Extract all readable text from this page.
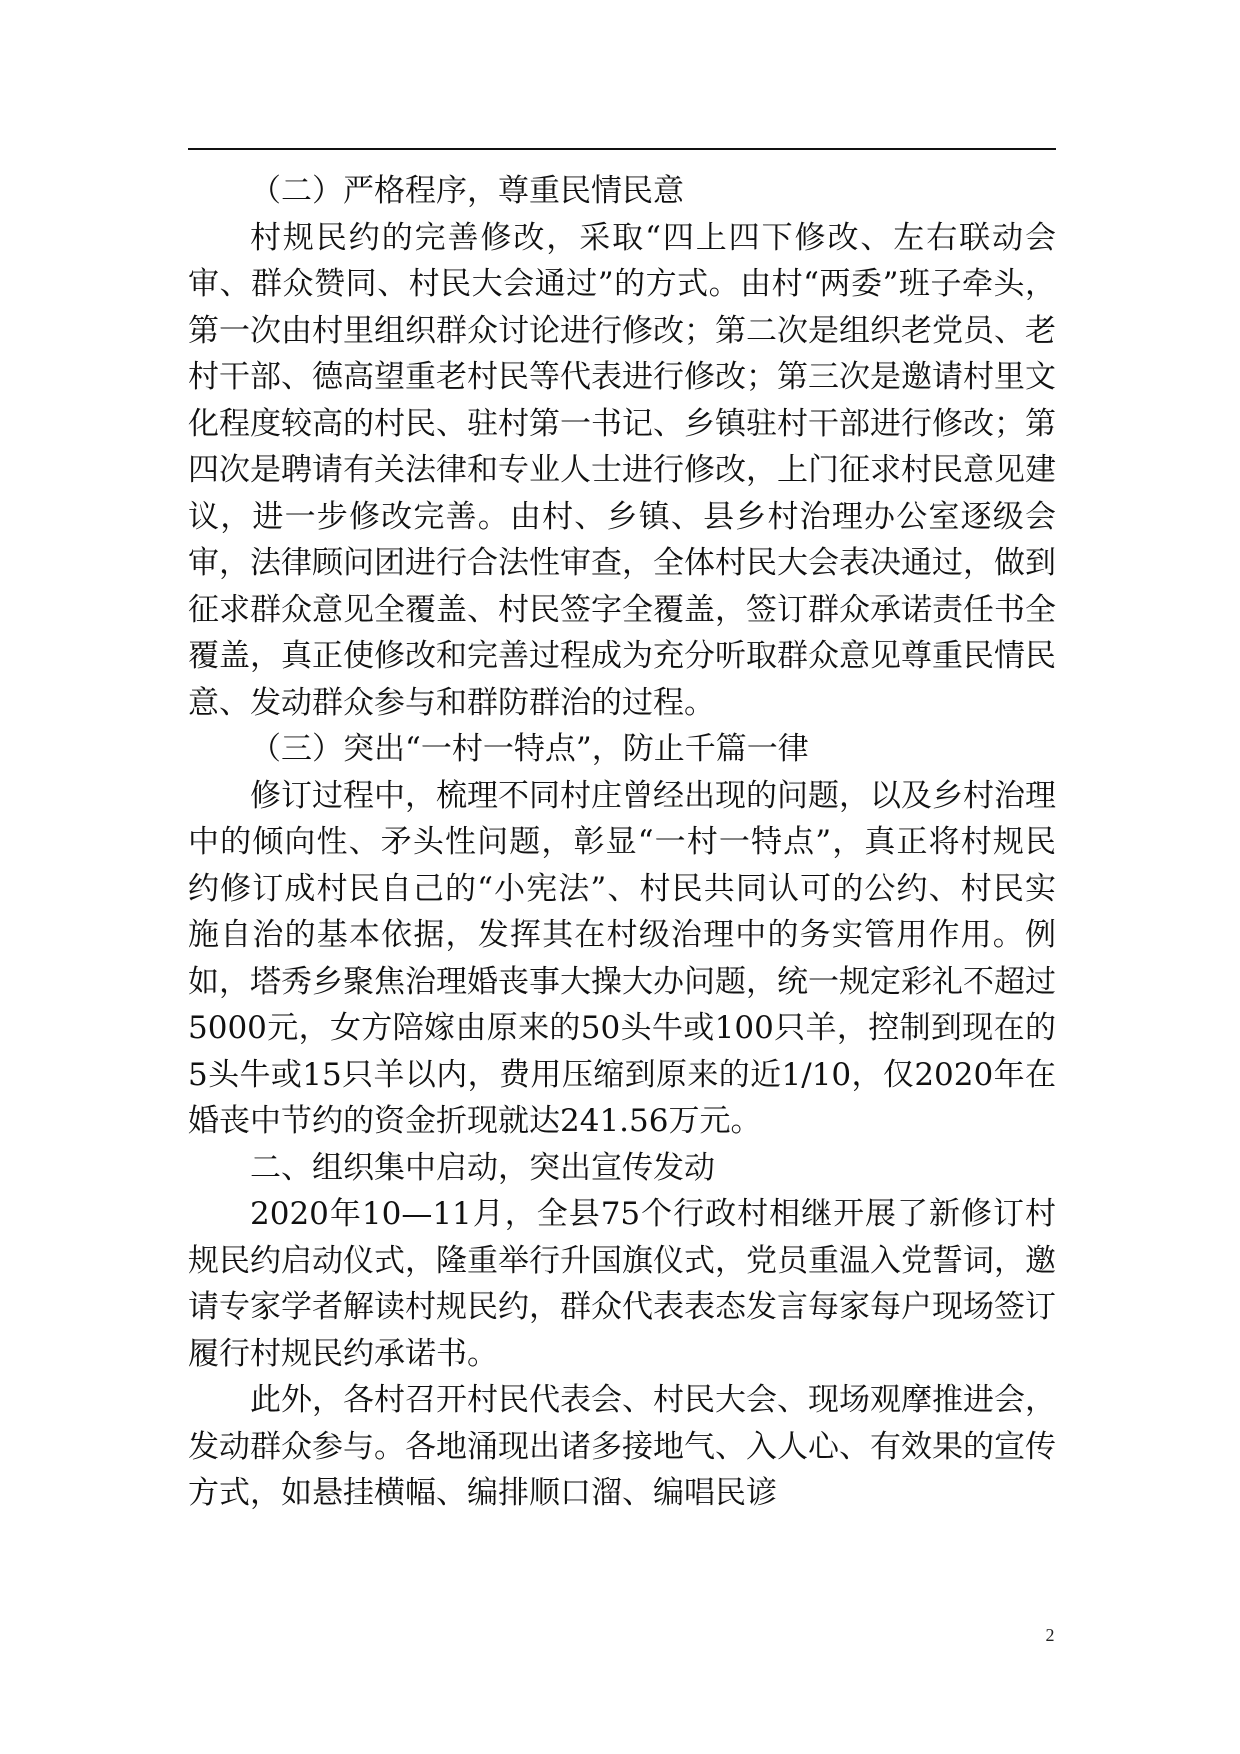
（二）严格程序，尊重民情民意

村规民约的完善修改，采取“四上四下修改、左右联动会审、群众赞同、村民大会通过”的方式。由村“两委”班子牵头，第一次由村里组织群众讨论进行修改；第二次是组织老党员、老村干部、德高望重老村民等代表进行修改；第三次是邀请村里文化程度较高的村民、驻村第一书记、乡镇驻村干部进行修改；第四次是聘请有关法律和专业人士进行修改，上门征求村民意见建议，进一步修改完善。由村、乡镇、县乡村治理办公室逐级会审，法律顾问团进行合法性审查，全体村民大会表决通过，做到征求群众意见全覆盖、村民签字全覆盖，签订群众承诺责任书全覆盖，真正使修改和完善过程成为充分听取群众意见尊重民情民意、发动群众参与和群防群治的过程。

（三）突出“一村一特点”，防止千篇一律

修订过程中，梳理不同村庄曾经出现的问题，以及乡村治理中的倾向性、矛头性问题，彰显“一村一特点”，真正将村规民约修订成村民自己的“小宪法”、村民共同认可的公约、村民实施自治的基本依据，发挥其在村级治理中的务实管用作用。例如，塔秀乡聚焦治理婚丧事大操大办问题，统一规定彩礼不超过5000元，女方陪嫁由原来的50头牛或100只羊，控制到现在的5头牛或15只羊以内，费用压缩到原来的近1/10，仅2020年在婚丧中节约的资金折现就达241.56万元。

二、组织集中启动，突出宣传发动

2020年10—11月，全县75个行政村相继开展了新修订村规民约启动仪式，隆重举行升国旗仪式，党员重温入党誓词，邀请专家学者解读村规民约，群众代表表态发言每家每户现场签订履行村规民约承诺书。

此外，各村召开村民代表会、村民大会、现场观摩推进会，发动群众参与。各地涌现出诸多接地气、入人心、有效果的宣传方式，如悬挂横幅、编排顺口溜、编唱民谚

2
